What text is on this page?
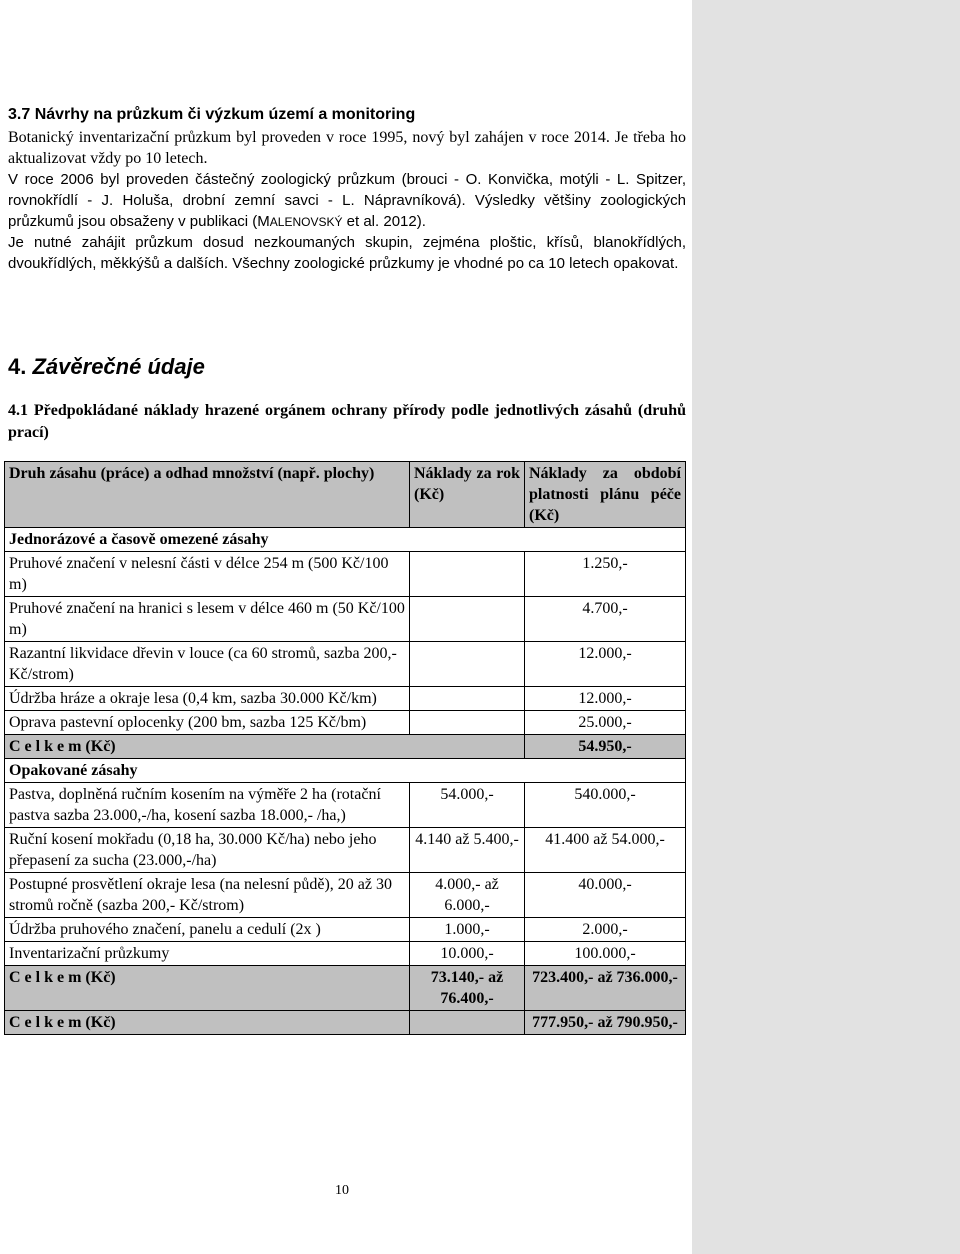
3.7 Návrhy na průzkum či výzkum území a monitoring
Botanický inventarizační průzkum byl proveden v roce 1995, nový byl zahájen v roce 2014. Je třeba ho aktualizovat vždy po 10 letech.
V roce 2006 byl proveden částečný zoologický průzkum (brouci - O. Konvička, motýli - L. Spitzer, rovnokřídlí - J. Holuša, drobní zemní savci - L. Nápravníková). Výsledky většiny zoologických průzkumů jsou obsaženy v publikaci (MALENOVSKÝ et al. 2012).
Je nutné zahájit průzkum dosud nezkoumaných skupin, zejména ploštic, křísů, blanokřídlých, dvoukřídlých, měkkýšů a dalších. Všechny zoologické průzkumy je vhodné po ca 10 letech opakovat.
4. Závěrečné údaje
4.1 Předpokládané náklady hrazené orgánem ochrany přírody podle jednotlivých zásahů (druhů prací)
Druh zásahu (práce) a odhad množství (např. plochy)	Náklady za rok (Kč)	Náklady za období platnosti plánu péče (Kč)
Jednorázové a časově omezené zásahy		
Pruhové značení v nelesní části v délce 254 m (500 Kč/100 m)		1.250,-
Pruhové značení na hranici s lesem v délce 460 m (50 Kč/100 m)		4.700,-
Razantní likvidace dřevin v louce (ca 60 stromů, sazba 200,- Kč/strom)		12.000,-
Údržba hráze a okraje lesa (0,4 km, sazba 30.000 Kč/km)		12.000,-
Oprava pastevní oplocenky (200 bm, sazba 125 Kč/bm)		25.000,-
C e l k e m (Kč)		54.950,-
Opakované zásahy		
Pastva, doplněná ručním kosením na výměře 2 ha (rotační pastva sazba 23.000,-/ha, kosení sazba 18.000,- /ha,)	54.000,-	540.000,-
Ruční kosení mokřadu (0,18 ha, 30.000 Kč/ha) nebo jeho přepasení za sucha (23.000,-/ha)	4.140 až 5.400,-	41.400 až 54.000,-
Postupné prosvětlení okraje lesa (na nelesní půdě), 20 až 30 stromů ročně (sazba 200,- Kč/strom)	4.000,- až 6.000,-	40.000,-
Údržba pruhového značení, panelu a cedulí (2x )	1.000,-	2.000,-
Inventarizační průzkumy	10.000,-	100.000,-
C e l k e m (Kč)	73.140,- až 76.400,-	723.400,- až 736.000,-
C e l k e m (Kč)		777.950,- až 790.950,-
10
